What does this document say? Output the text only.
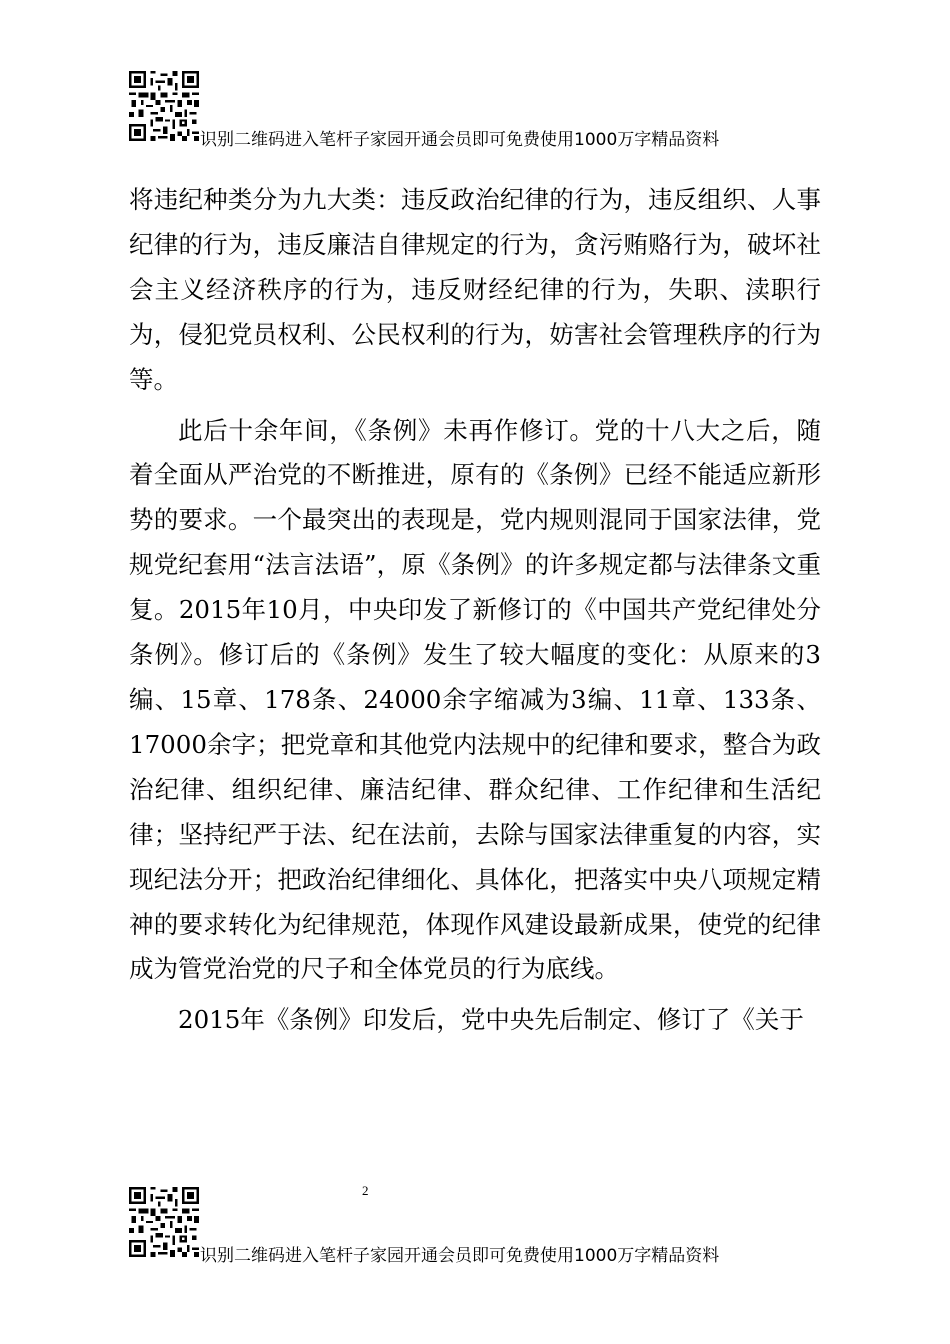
识别二维码进入笔杆子家园开通会员即可免费使用1000万字精品资料

将违纪种类分为九大类：违反政治纪律的行为，违反组织、人事纪律的行为，违反廉洁自律规定的行为，贪污贿赂行为，破坏社会主义经济秩序的行为，违反财经纪律的行为，失职、渎职行为，侵犯党员权利、公民权利的行为，妨害社会管理秩序的行为等。

此后十余年间，《条例》未再作修订。党的十八大之后，随着全面从严治党的不断推进，原有的《条例》已经不能适应新形势的要求。一个最突出的表现是，党内规则混同于国家法律，党规党纪套用“法言法语”，原《条例》的许多规定都与法律条文重复。2015年10月，中央印发了新修订的《中国共产党纪律处分条例》。修订后的《条例》发生了较大幅度的变化：从原来的3编、15章、178条、24000余字缩减为3编、11章、133条、17000余字；把党章和其他党内法规中的纪律和要求，整合为政治纪律、组织纪律、廉洁纪律、群众纪律、工作纪律和生活纪律；坚持纪严于法、纪在法前，去除与国家法律重复的内容，实现纪法分开；把政治纪律细化、具体化，把落实中央八项规定精神的要求转化为纪律规范，体现作风建设最新成果，使党的纪律成为管党治党的尺子和全体党员的行为底线。

2015年《条例》印发后，党中央先后制定、修订了《关于

2
识别二维码进入笔杆子家园开通会员即可免费使用1000万字精品资料
